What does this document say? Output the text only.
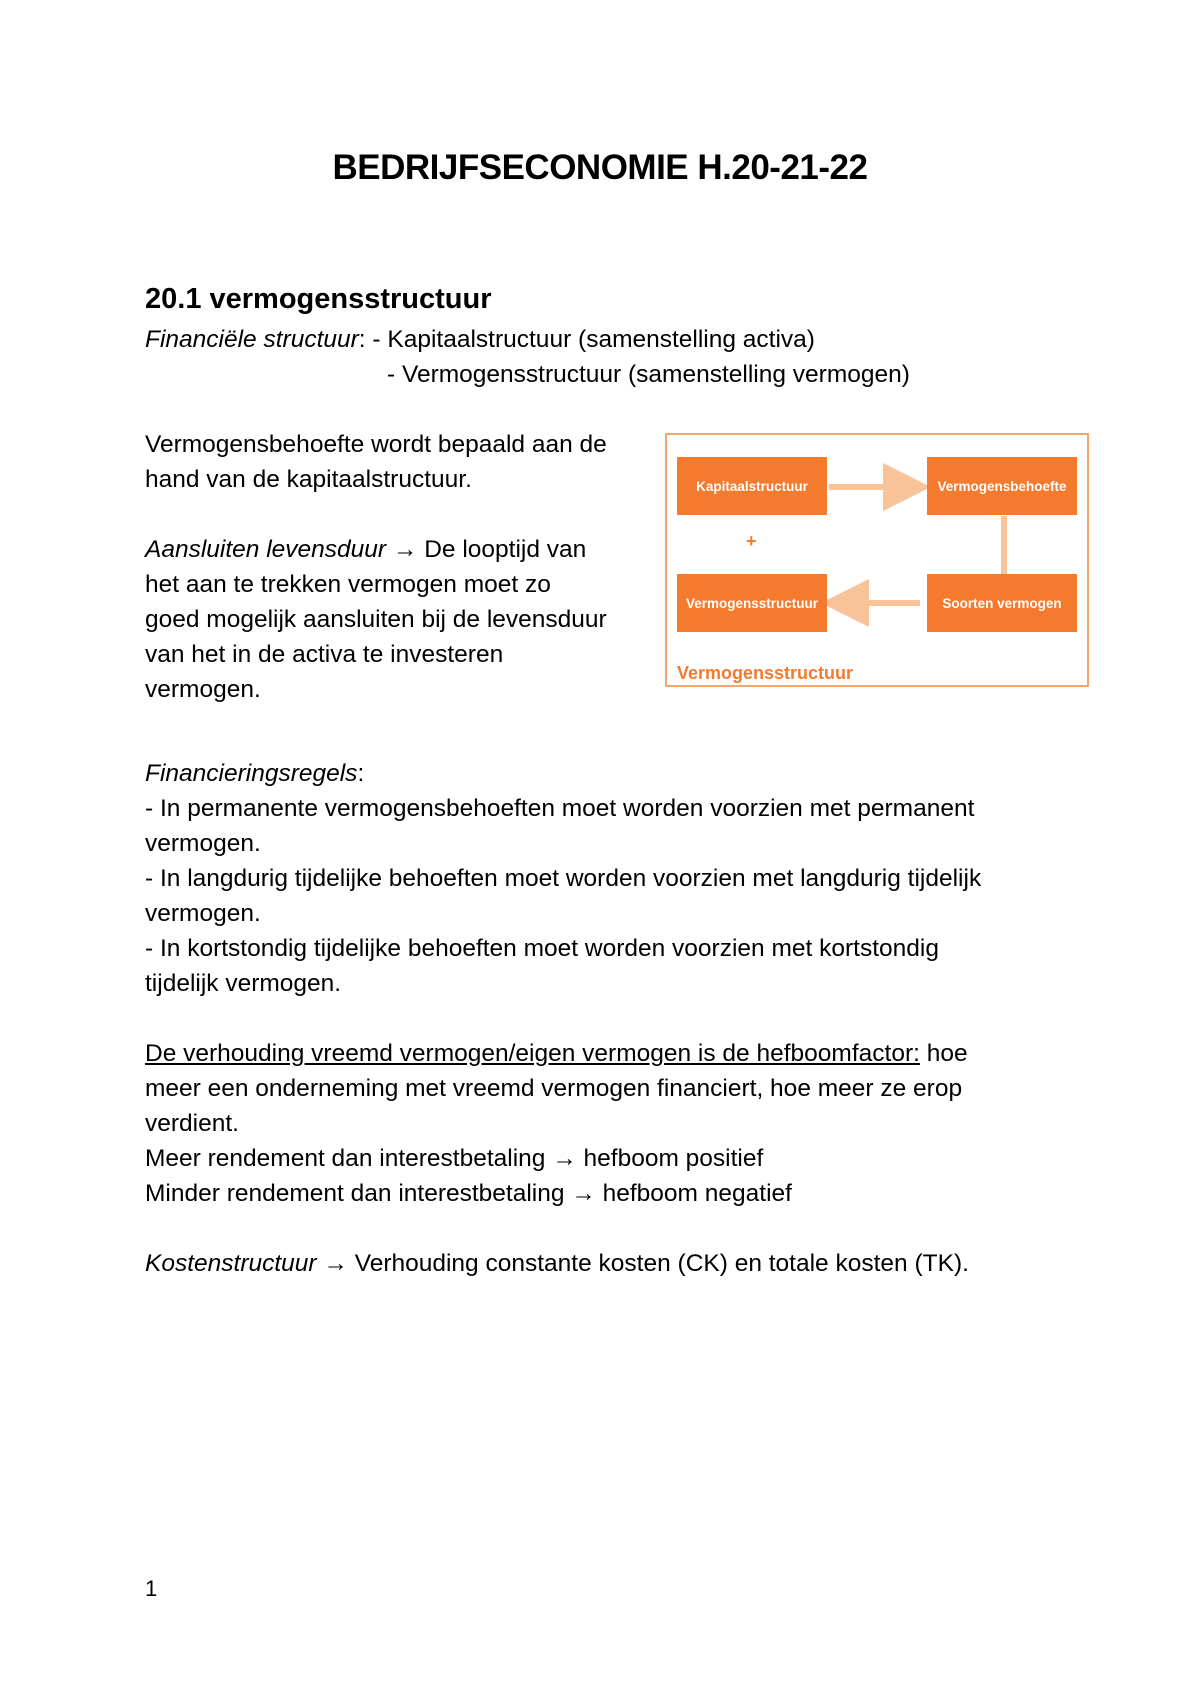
BEDRIJFSECONOMIE H.20-21-22
20.1 vermogensstructuur
Financiële structuur: - Kapitaalstructuur (samenstelling activa)
- Vermogensstructuur (samenstelling vermogen)
Vermogensbehoefte wordt bepaald aan de
hand van de kapitaalstructuur.
Aansluiten levensduur → De looptijd van
het aan te trekken vermogen moet zo
goed mogelijk aansluiten bij de levensduur
van het in de activa te investeren
vermogen.
Kapitaalstructuur	Vermogensbehoefte
Vermogensstructuur	Soorten vermogen
+
Vermogensstructuur
Financieringsregels:
- In permanente vermogensbehoeften moet worden voorzien met permanent
vermogen.
- In langdurig tijdelijke behoeften moet worden voorzien met langdurig tijdelijk
vermogen.
- In kortstondig tijdelijke behoeften moet worden voorzien met kortstondig
tijdelijk vermogen.
De verhouding vreemd vermogen/eigen vermogen is de hefboomfactor: hoe
meer een onderneming met vreemd vermogen financiert, hoe meer ze erop
verdient.
Meer rendement dan interestbetaling → hefboom positief
Minder rendement dan interestbetaling → hefboom negatief
Kostenstructuur → Verhouding constante kosten (CK) en totale kosten (TK).
1
